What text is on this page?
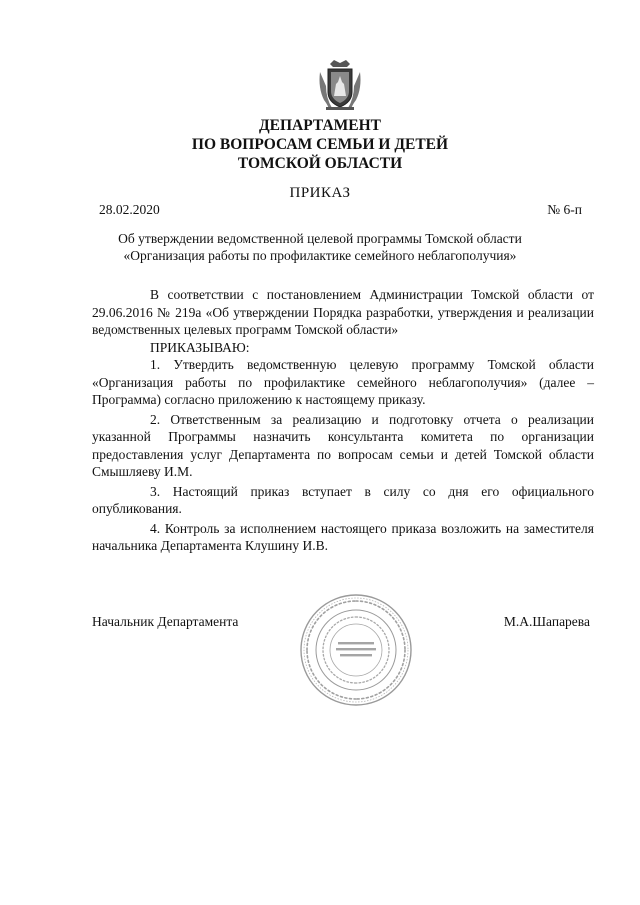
ДЕПАРТАМЕНТ

ПО ВОПРОСАМ СЕМЬИ И ДЕТЕЙ

ТОМСКОЙ ОБЛАСТИ

ПРИКАЗ

28.02.2020	№ 6-п
Об утверждении ведомственной целевой программы Томской области
«Организация работы по профилактике семейного неблагополучия»

В соответствии с постановлением Администрации Томской области от 29.06.2016 № 219а «Об утверждении Порядка разработки, утверждения и реализации ведомственных целевых программ Томской области»

ПРИКАЗЫВАЮ:

1. Утвердить ведомственную целевую программу Томской области «Организация работы по профилактике семейного неблагополучия» (далее – Программа) согласно приложению к настоящему приказу.

2. Ответственным за реализацию и подготовку отчета о реализации указанной Программы назначить консультанта комитета по организации предоставления услуг Департамента по вопросам семьи и детей Томской области Смышляеву И.М.

3. Настоящий приказ вступает в силу со дня его официального опубликования.

4. Контроль за исполнением настоящего приказа возложить на заместителя начальника Департамента Клушину И.В.

Начальник Департамента	М.А.Шапарева
